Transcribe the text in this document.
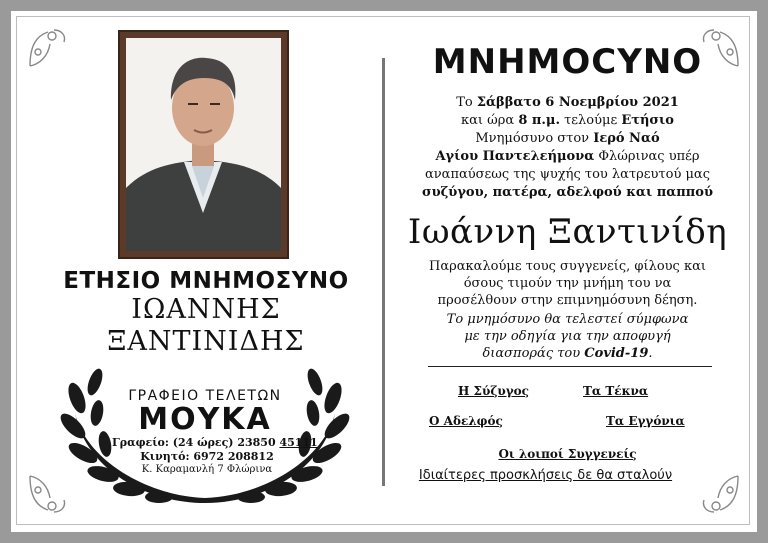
ΕΤΗΣΙΟ ΜΝΗΜΟΣΥΝΟ
ΙΩΑΝΝΗΣ
ΞΑΝΤΙΝΙΔΗΣ
ΓΡΑΦΕΙΟ ΤΕΛΕΤΩΝ
ΜΟΥΚΑ
Γραφείο: (24 ώρες) 23850 45111
Κινητό: 6972 208812
Κ. Καραμανλή 7 Φλώρινα
ΜΝΗΜΟCΥΝΟ
Το Σάββατο 6 Νοεμβρίου 2021
και ώρα 8 π.μ. τελούμε Ετήσιο
Μνημόσυνο στον Ιερό Ναό
Αγίου Παντελεήμονα Φλώρινας υπέρ
αναπαύσεως της ψυχής του λατρευτού μας
συζύγου, πατέρα, αδελφού και παππού
Ιωάννη Ξαντινίδη
Παρακαλούμε τους συγγενείς, φίλους και
όσους τιμούν την μνήμη του να
προσέλθουν στην επιμνημόσυνη δέηση.
Το μνημόσυνο θα τελεστεί σύμφωνα
με την οδηγία για την αποφυγή
διασποράς του Covid-19.
Η Σύζυγος	Τα Τέκνα
Ο Αδελφός	Τα Εγγόνια
Οι λοιποί Συγγενείς
Ιδιαίτερες προσκλήσεις δε θα σταλούν
